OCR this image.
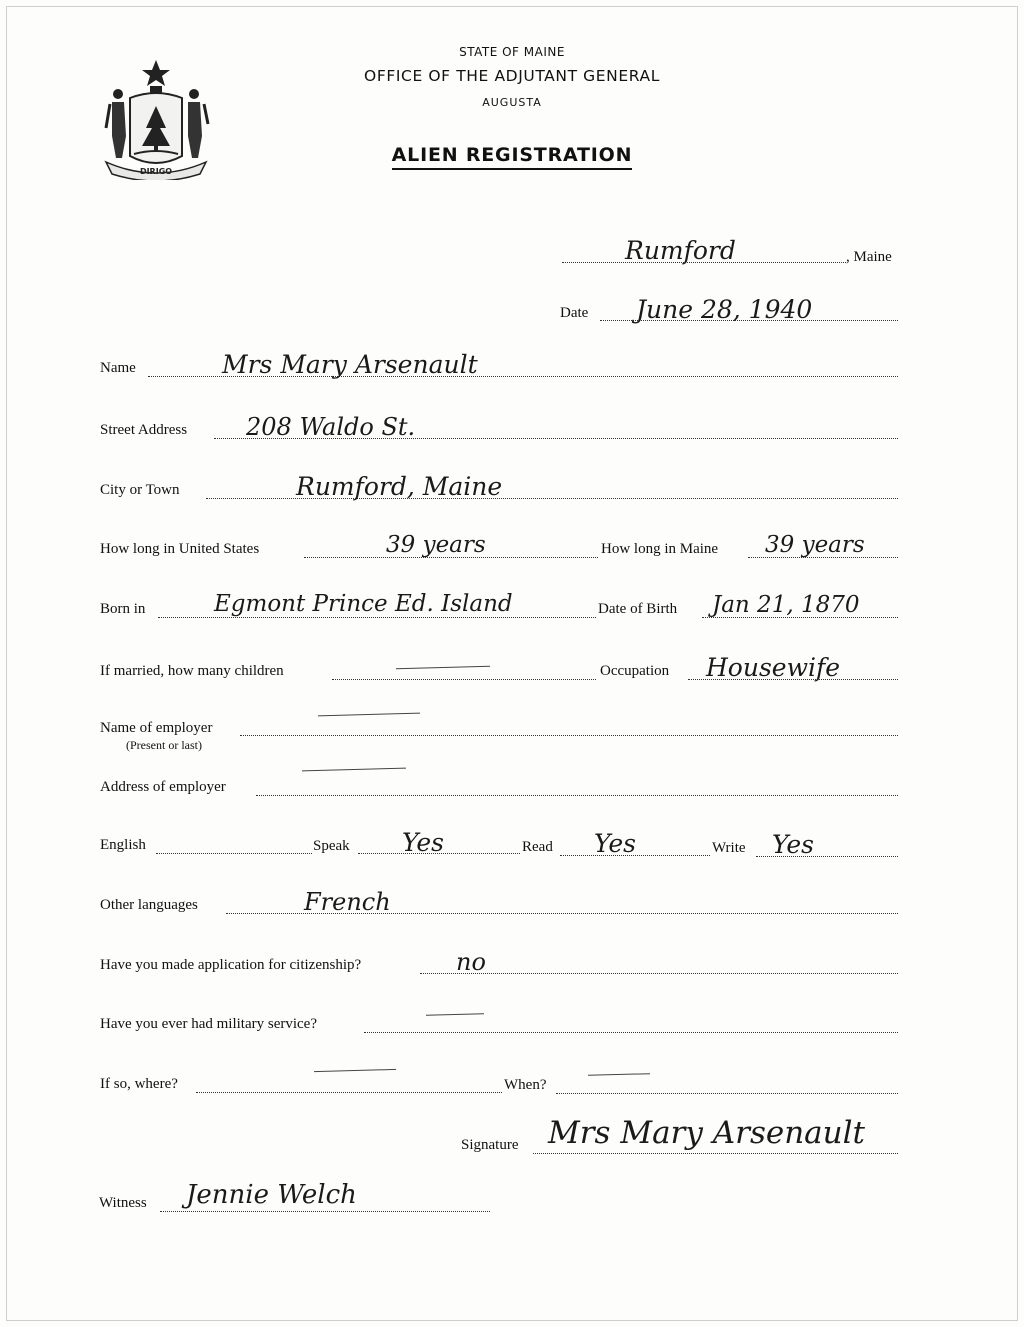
DIRIGO
STATE OF MAINE
OFFICE OF THE ADJUTANT GENERAL
AUGUSTA
ALIEN REGISTRATION
Rumford	, Maine
Date June 28, 1940
Name	Mrs Mary Arsenault
Street Address 208 Waldo St.
City or Town	Rumford, Maine
How long in United States	39 years	How long in Maine 39 years
Born in	Egmont Prince Ed. Island	Date of Birth Jan 21, 1870
If married, how many children	Occupation Housewife
Name of employer
(Present or last)
Address of employer
English	Speak Yes	Read Yes	Write Yes
Other languages	French
Have you made application for citizenship?	no
Have you ever had military service?
If so, where?	When?
Signature Mrs Mary Arsenault
Witness Jennie Welch
